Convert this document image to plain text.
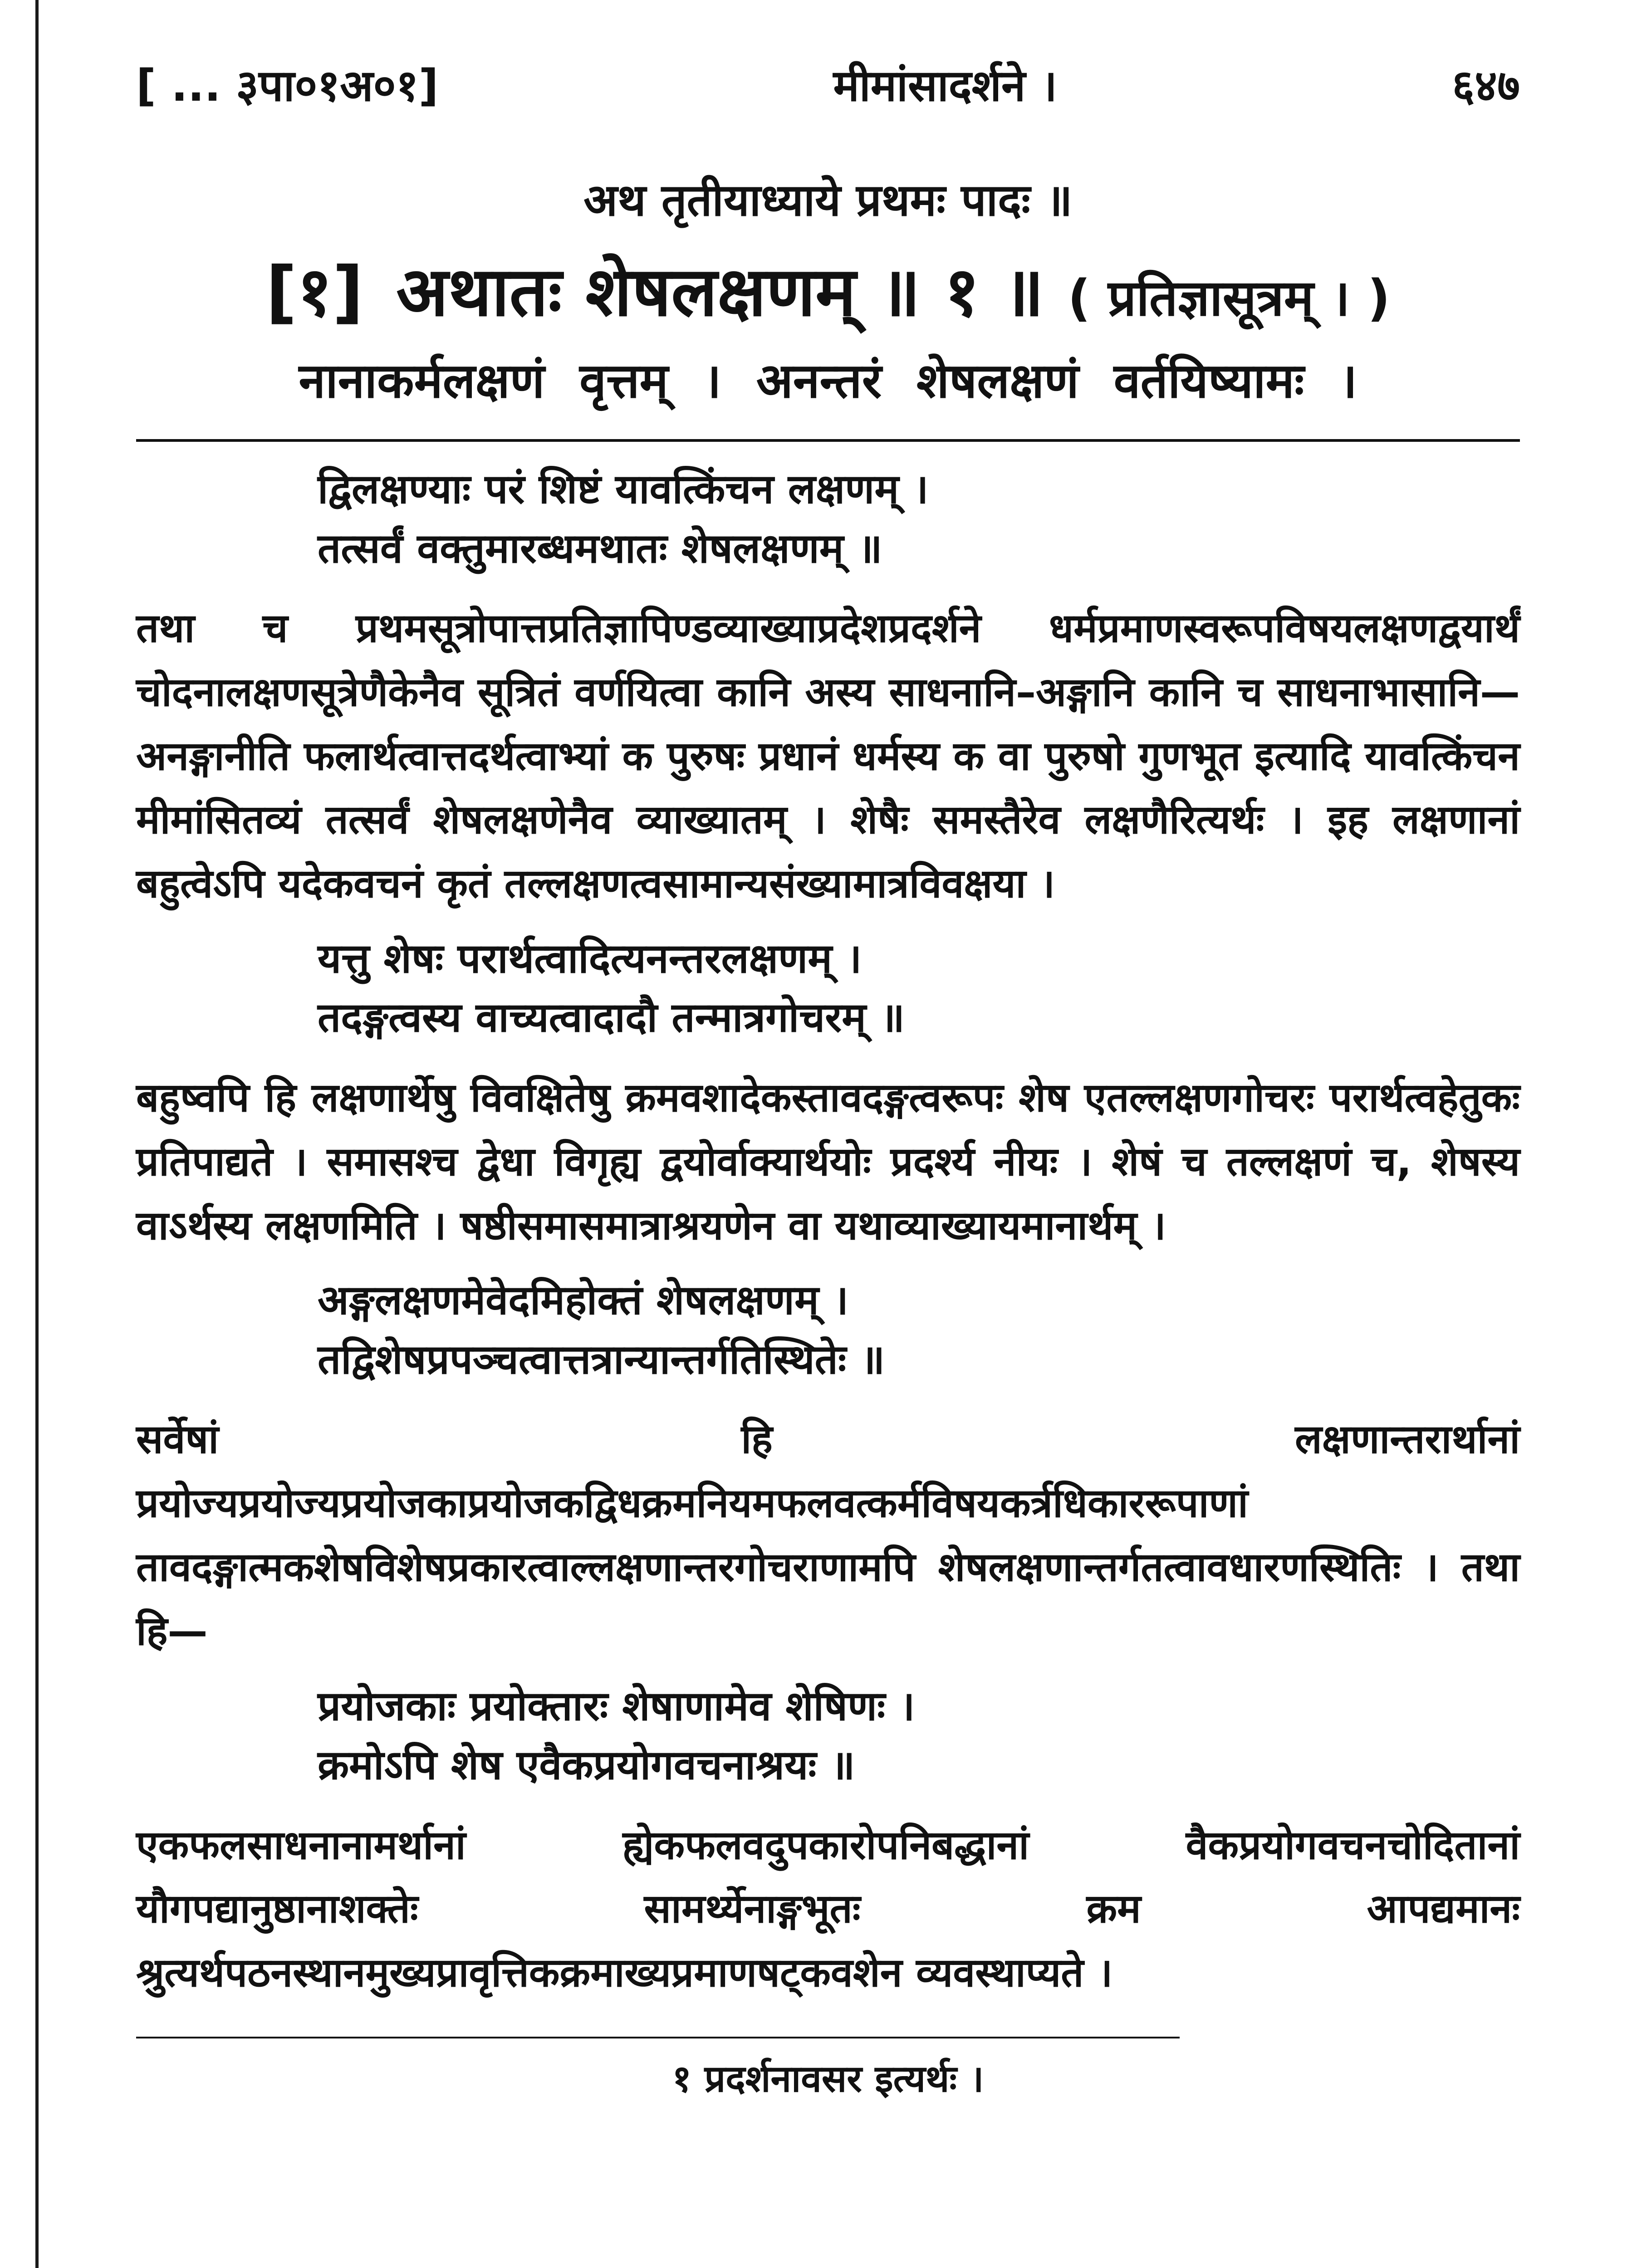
[ ... ३पा०१अ०१]	मीमांसादर्शने ।	६४७
अथ तृतीयाध्याये प्रथमः पादः ॥
[१] अथातः शेषलक्षणम् ॥ १ ॥ ( प्रतिज्ञासूत्रम् । )
नानाकर्मलक्षणं वृत्तम् । अनन्तरं शेषलक्षणं वर्तयिष्यामः ।

द्विलक्षण्याः परं शिष्टं यावत्किंचन लक्षणम् ।

तत्सर्वं वक्तुमारब्धमथातः शेषलक्षणम् ॥

तथा च प्रथमसूत्रोपात्तप्रतिज्ञापिण्डव्याख्याप्रदेशप्रदर्शने धर्मप्रमाणस्वरूपविषयलक्षणद्वयार्थं चोदनालक्षणसूत्रेणैकेनैव सूत्रितं वर्णयित्वा कानि अस्य साधनानि–अङ्गानि कानि च साधनाभासानि—अनङ्गानीति फलार्थत्वात्तदर्थत्वाभ्यां क पुरुषः प्रधानं धर्मस्य क वा पुरुषो गुणभूत इत्यादि यावत्किंचन मीमांसितव्यं तत्सर्वं शेषलक्षणेनैव व्याख्यातम् । शेषैः समस्तैरेव लक्षणैरित्यर्थः । इह लक्षणानां बहुत्वेऽपि यदेकवचनं कृतं तल्लक्षणत्वसामान्यसंख्यामात्रविवक्षया ।

यत्तु शेषः परार्थत्वादित्यनन्तरलक्षणम् ।

तदङ्गत्वस्य वाच्यत्वादादौ तन्मात्रगोचरम् ॥

बहुष्वपि हि लक्षणार्थेषु विवक्षितेषु क्रमवशादेकस्तावदङ्गत्वरूपः शेष एतल्लक्षणगोचरः परार्थत्वहेतुकः प्रतिपाद्यते । समासश्च द्वेधा विगृह्य द्वयोर्वाक्यार्थयोः प्रदर्श्य नीयः । शेषं च तल्लक्षणं च, शेषस्य वाऽर्थस्य लक्षणमिति । षष्ठीसमासमात्राश्रयणेन वा यथाव्याख्यायमानार्थम् ।

अङ्गलक्षणमेवेदमिहोक्तं शेषलक्षणम् ।

तद्विशेषप्रपञ्चत्वात्तत्रान्यान्तर्गतिस्थितेः ॥

सर्वेषां हि लक्षणान्तरार्थानां प्रयोज्यप्रयोज्यप्रयोजकाप्रयोजकद्विधक्रमनियमफलवत्कर्मविषयकर्त्रधिकाररूपाणां तावदङ्गात्मकशेषविशेषप्रकारत्वाल्लक्षणान्तरगोचराणामपि शेषलक्षणान्तर्गतत्वावधारणस्थितिः । तथा हि—

प्रयोजकाः प्रयोक्तारः शेषाणामेव शेषिणः ।

क्रमोऽपि शेष एवैकप्रयोगवचनाश्रयः ॥

एकफलसाधनानामर्थानां ह्येकफलवदुपकारोपनिबद्धानां वैकप्रयोगवचनचोदितानां यौगपद्यानुष्ठानाशक्तेः सामर्थ्येनाङ्गभूतः क्रम आपद्यमानः श्रुत्यर्थपठनस्थानमुख्यप्रावृत्तिकक्रमाख्यप्रमाणषट्कवशेन व्यवस्थाप्यते ।

१ प्रदर्शनावसर इत्यर्थः ।
